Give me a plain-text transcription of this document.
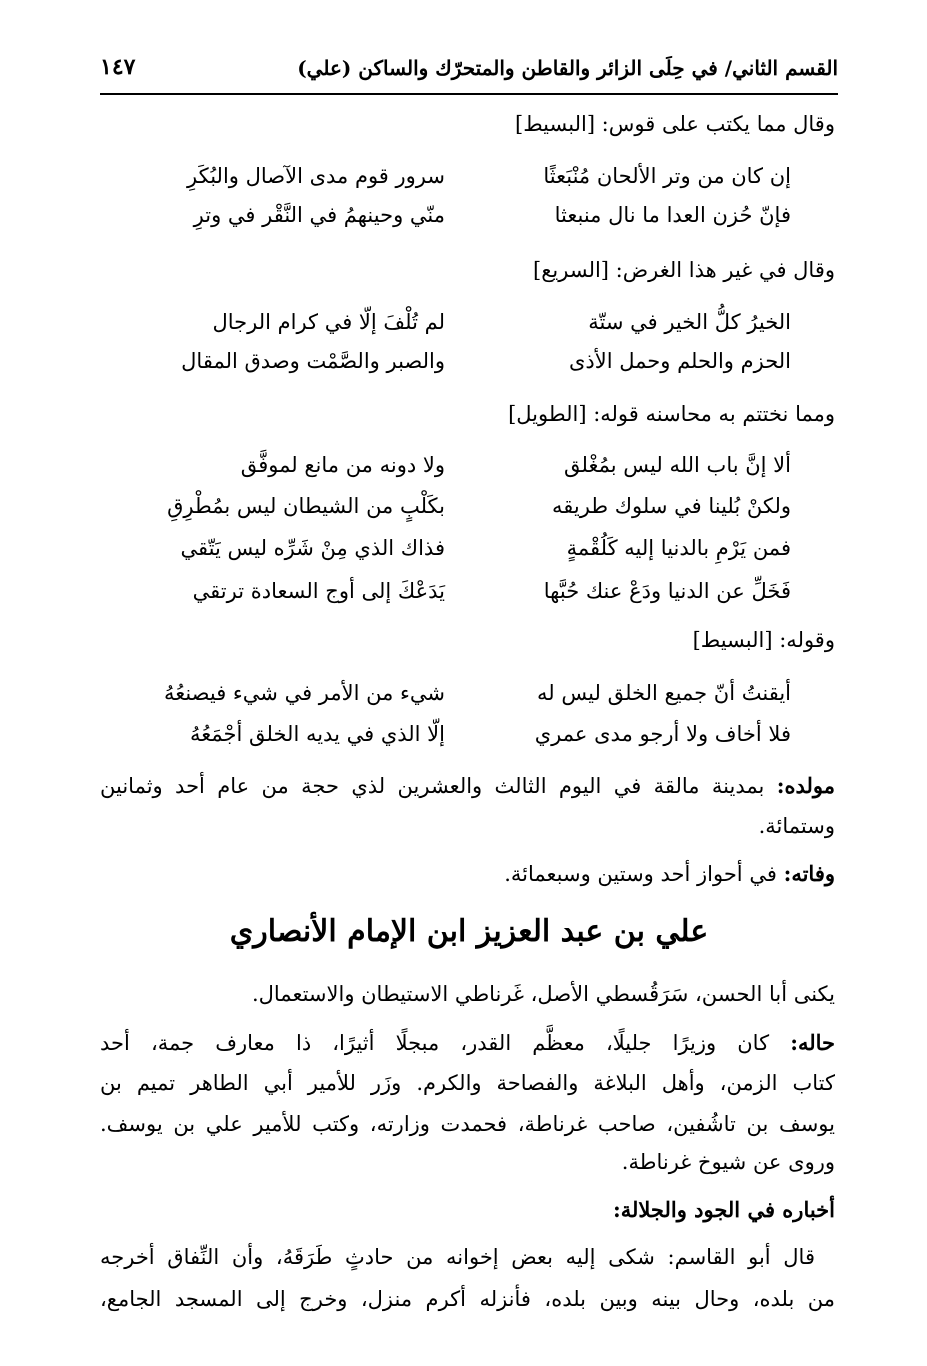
القسم الثاني/ في حِلَى الزائر والقاطن والمتحرّك والساكن (علي)
١٤٧
وقال مما يكتب على قوس: [البسيط]
إن كان من وتر الألحان مُنْبَعثًا
سرور قوم مدى الآصال والبُكَرِ
فإنّ حُزن العدا ما نال منبعثا
منّي وحينهمُ في النَّقْر في وترِ
وقال في غير هذا الغرض: [السريع]
الخيرُ كلُّ الخير في ستّة
لم تُلْفَ إلّا في كرام الرجال
الحزم والحلم وحمل الأذى
والصبر والصَّمْت وصدق المقال
ومما نختتم به محاسنه قوله: [الطويل]
ألا إنَّ باب الله ليس بمُغْلق
ولا دونه من مانع لموفَّق
ولكنْ بُلينا في سلوك طريقه
بكَلْبٍ من الشيطان ليس بمُطْرِقِ
فمن يَرْمِ بالدنيا إليه كَلُقْمةٍ
فذاك الذي مِنْ شَرِّه ليس يَتّقي
فَخَلِّ عن الدنيا ودَعْ عنك حُبَّها
يَدَعْكَ إلى أوج السعادة ترتقي
وقوله: [البسيط]
أيقنتُ أنّ جميع الخلق ليس له
شيء من الأمر في شيء فيصنعُهُ
فلا أخاف ولا أرجو مدى عمري
إلّا الذي في يديه الخلق أجْمَعُهُ
مولده: بمدينة مالقة في اليوم الثالث والعشرين لذي حجة من عام أحد وثمانين
وستمائة.
وفاته: في أحواز أحد وستين وسبعمائة.
علي بن عبد العزيز ابن الإمام الأنصاري
يكنى أبا الحسن، سَرَقُسطي الأصل، غَرناطي الاستيطان والاستعمال.
حاله: كان وزيرًا جليلًا، معظَّم القدر، مبجلًا أثيرًا، ذا معارف جمة، أحد
كتاب الزمن، وأهل البلاغة والفصاحة والكرم. وزَر للأمير أبي الطاهر تميم بن
يوسف بن تاشُفين، صاحب غرناطة، فحمدت وزارته، وكتب للأمير علي بن يوسف.
وروى عن شيوخ غرناطة.
أخباره في الجود والجلالة:
قال أبو القاسم: شكى إليه بعض إخوانه من حادثٍ طَرَقَهُ، وأن النِّفاق أخرجه
من بلده، وحال بينه وبين بلده، فأنزله أكرم منزل، وخرج إلى المسجد الجامع،
